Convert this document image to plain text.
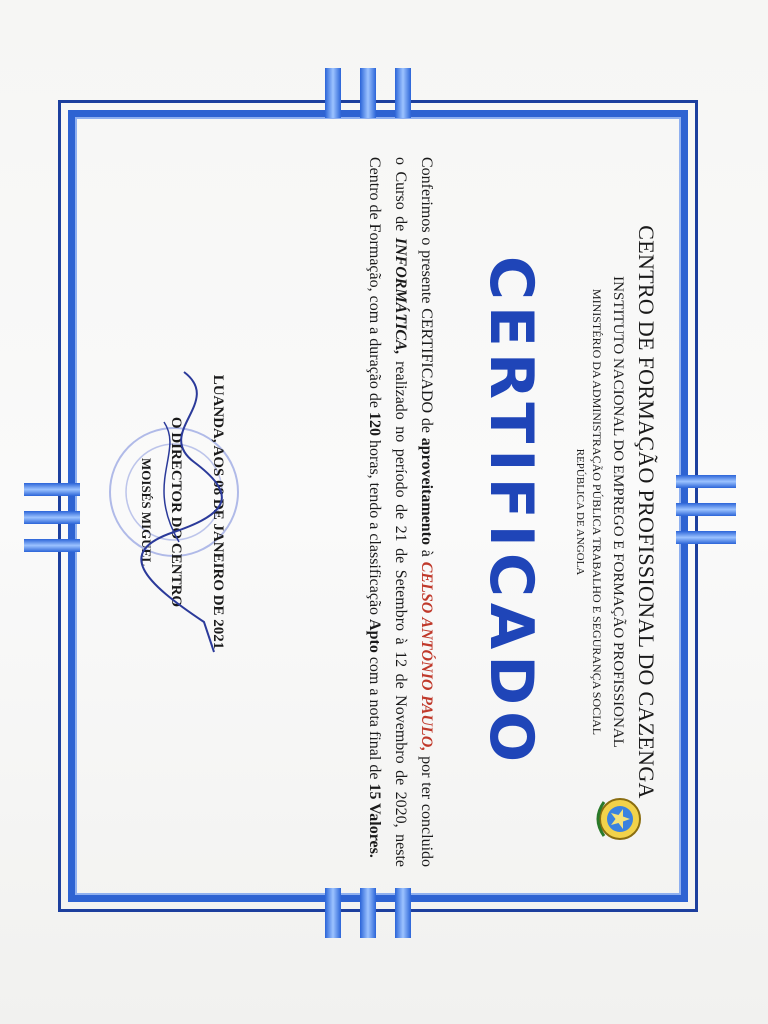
CENTRO DE FORMAÇÃO PROFISSIONAL DO CAZENGA

INSTITUTO NACIONAL DO EMPREGO E FORMAÇÃO PROFISSIONAL

MINISTÉRIO DA ADMINISTRAÇÃO PÚBLICA TRABALHO E SEGURANÇA SOCIAL

REPÚBLICA DE ANGOLA

CERTIFICADO

Conferimos o presente CERTIFICADO de aproveitamento à CELSO ANTÓNIO PAULO, por ter concluido o Curso de INFORMÁTICA, realizado no período de 21 de Setembro à 12 de Novembro de 2020, neste Centro de Formação, com a duração de 120 horas, tendo a classificação Apto com a nota final de 15 Valores.

LUANDA, AOS 08 DE JANEIRO DE 2021

O DIRECTOR DO CENTRO

MOISÉS MIGUEL
